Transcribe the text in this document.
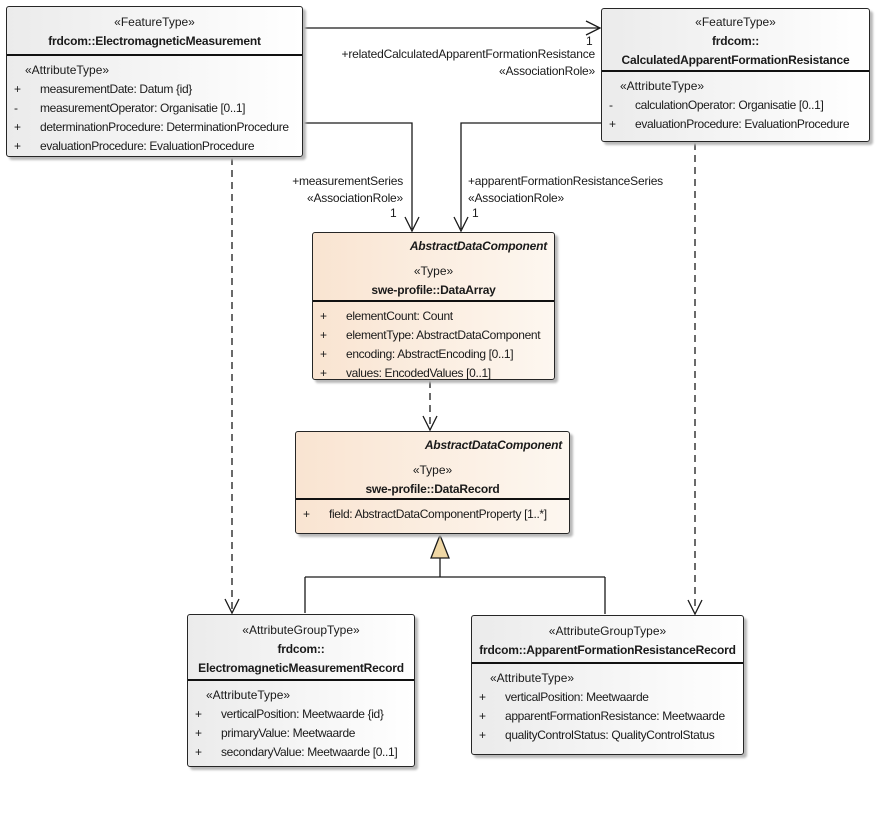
«FeatureType»
frdcom::ElectromagneticMeasurement
«AttributeType»
+ measurementDate: Datum {id}
- measurementOperator: Organisatie [0..1]
+ determinationProcedure: DeterminationProcedure
+ evaluationProcedure: EvaluationProcedure
«FeatureType»
frdcom::
CalculatedApparentFormationResistance
«AttributeType»
- calculationOperator: Organisatie [0..1]
+ evaluationProcedure: EvaluationProcedure
AbstractDataComponent
«Type»
swe-profile::DataArray
+ elementCount: Count
+ elementType: AbstractDataComponent
+ encoding: AbstractEncoding [0..1]
+ values: EncodedValues [0..1]
AbstractDataComponent
«Type»
swe-profile::DataRecord
+ field: AbstractDataComponentProperty [1..*]
«AttributeGroupType»
frdcom::
ElectromagneticMeasurementRecord
«AttributeType»
+ verticalPosition: Meetwaarde {id}
+ primaryValue: Meetwaarde
+ secondaryValue: Meetwaarde [0..1]
«AttributeGroupType»
frdcom::ApparentFormationResistanceRecord
«AttributeType»
+ verticalPosition: Meetwaarde
+ apparentFormationResistance: Meetwaarde
+ qualityControlStatus: QualityControlStatus
1
+relatedCalculatedApparentFormationResistance
«AssociationRole»
+measurementSeries
«AssociationRole»
1
+apparentFormationResistanceSeries
«AssociationRole»
1
